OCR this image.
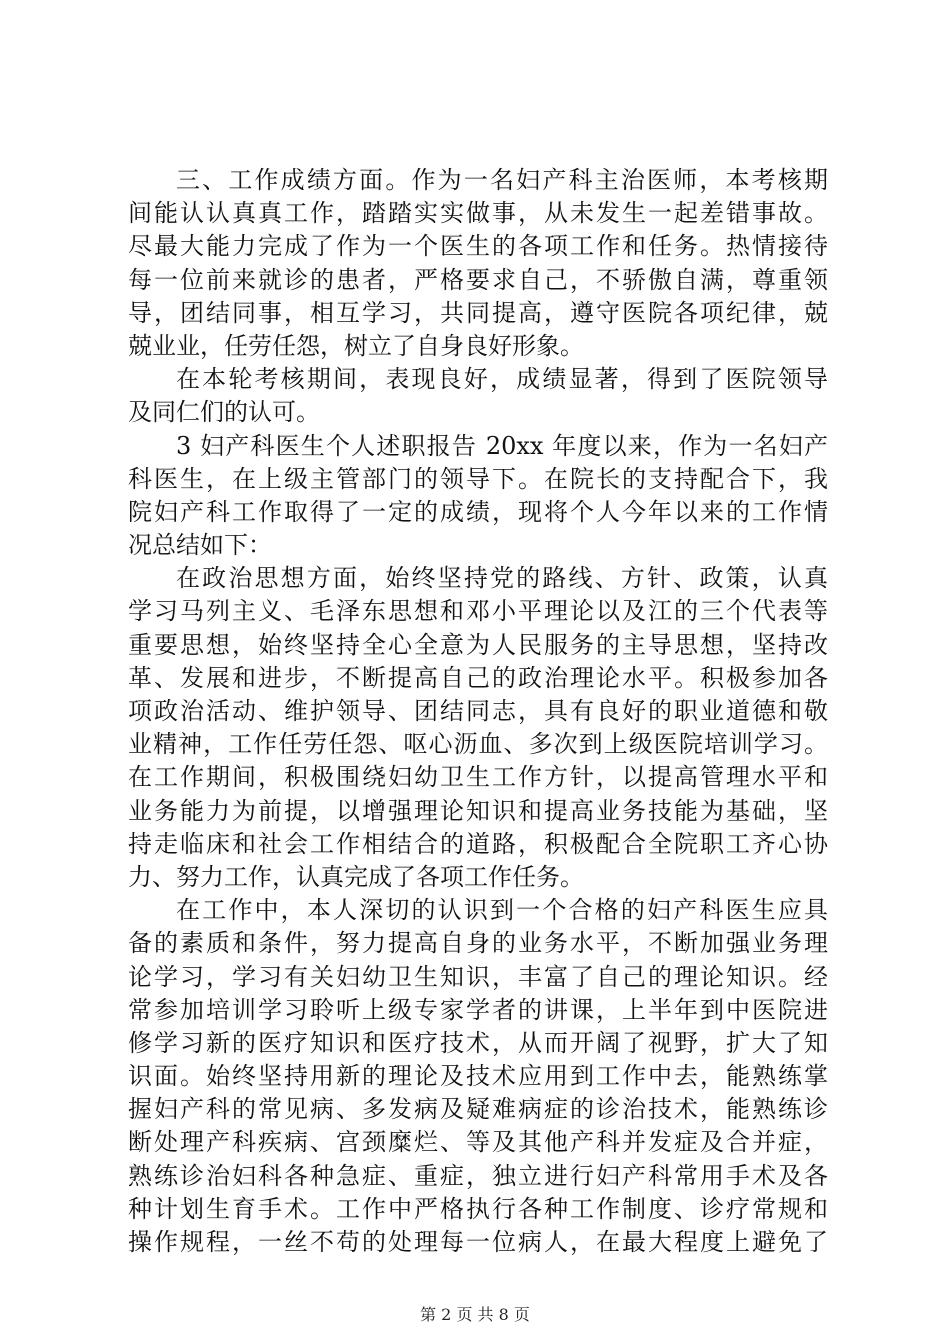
三、工作成绩方面。作为一名妇产科主治医师，本考核期
间能认认真真工作，踏踏实实做事，从未发生一起差错事故。
尽最大能力完成了作为一个医生的各项工作和任务。热情接待
每一位前来就诊的患者，严格要求自己，不骄傲自满，尊重领
导，团结同事，相互学习，共同提高，遵守医院各项纪律，兢
兢业业，任劳任怨，树立了自身良好形象。
在本轮考核期间，表现良好，成绩显著，得到了医院领导
及同仁们的认可。
3 妇产科医生个人述职报告 20xx 年度以来，作为一名妇产
科医生，在上级主管部门的领导下。在院长的支持配合下，我
院妇产科工作取得了一定的成绩，现将个人今年以来的工作情
况总结如下：
在政治思想方面，始终坚持党的路线、方针、政策，认真
学习马列主义、毛泽东思想和邓小平理论以及江的三个代表等
重要思想，始终坚持全心全意为人民服务的主导思想，坚持改
革、发展和进步，不断提高自己的政治理论水平。积极参加各
项政治活动、维护领导、团结同志，具有良好的职业道德和敬
业精神，工作任劳任怨、呕心沥血、多次到上级医院培训学习。
在工作期间，积极围绕妇幼卫生工作方针，以提高管理水平和
业务能力为前提，以增强理论知识和提高业务技能为基础，坚
持走临床和社会工作相结合的道路，积极配合全院职工齐心协
力、努力工作，认真完成了各项工作任务。
在工作中，本人深切的认识到一个合格的妇产科医生应具
备的素质和条件，努力提高自身的业务水平，不断加强业务理
论学习，学习有关妇幼卫生知识，丰富了自己的理论知识。经
常参加培训学习聆听上级专家学者的讲课，上半年到中医院进
修学习新的医疗知识和医疗技术，从而开阔了视野，扩大了知
识面。始终坚持用新的理论及技术应用到工作中去，能熟练掌
握妇产科的常见病、多发病及疑难病症的诊治技术，能熟练诊
断处理产科疾病、宫颈糜烂、等及其他产科并发症及合并症，
熟练诊治妇科各种急症、重症，独立进行妇产科常用手术及各
种计划生育手术。工作中严格执行各种工作制度、诊疗常规和
操作规程，一丝不苟的处理每一位病人，在最大程度上避免了
第 2 页 共 8 页
